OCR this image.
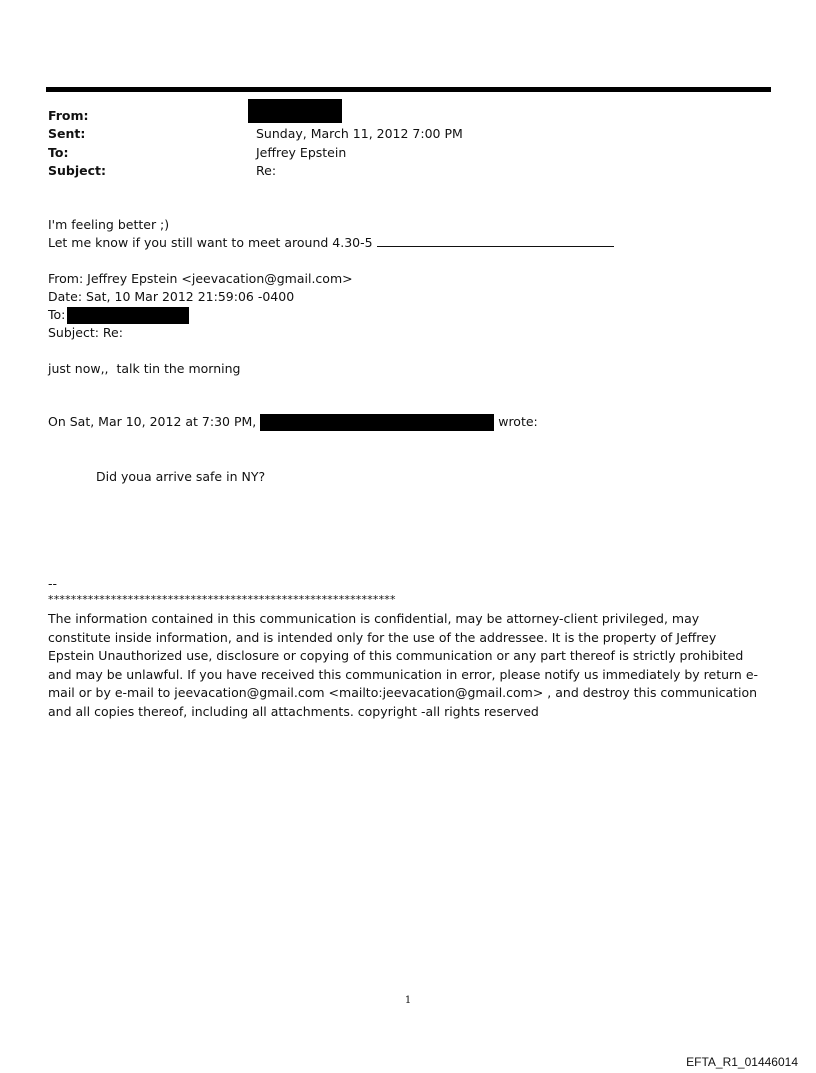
From:
Sent:	Sunday, March 11, 2012 7:00 PM
To:	Jeffrey Epstein
Subject:	Re:
I'm feeling better ;)
Let me know if you still want to meet around 4.30-5
From: Jeffrey Epstein <jeevacation@gmail.com>
Date: Sat, 10 Mar 2012 21:59:06 -0400
To:
Subject: Re:
just now,,  talk tin the morning
On Sat, Mar 10, 2012 at 7:30 PM,	wrote:
Did youa arrive safe in NY?
--
*************************************************************
The information contained in this communication is confidential, may be attorney-client privileged, may constitute inside information, and is intended only for the use of the addressee. It is the property of Jeffrey Epstein Unauthorized use, disclosure or copying of this communication or any part thereof is strictly prohibited and may be unlawful. If you have received this communication in error, please notify us immediately by return e-mail or by e-mail to jeevacation@gmail.com <mailto:jeevacation@gmail.com> , and destroy this communication and all copies thereof, including all attachments. copyright -all rights reserved
1
EFTA_R1_01446014
